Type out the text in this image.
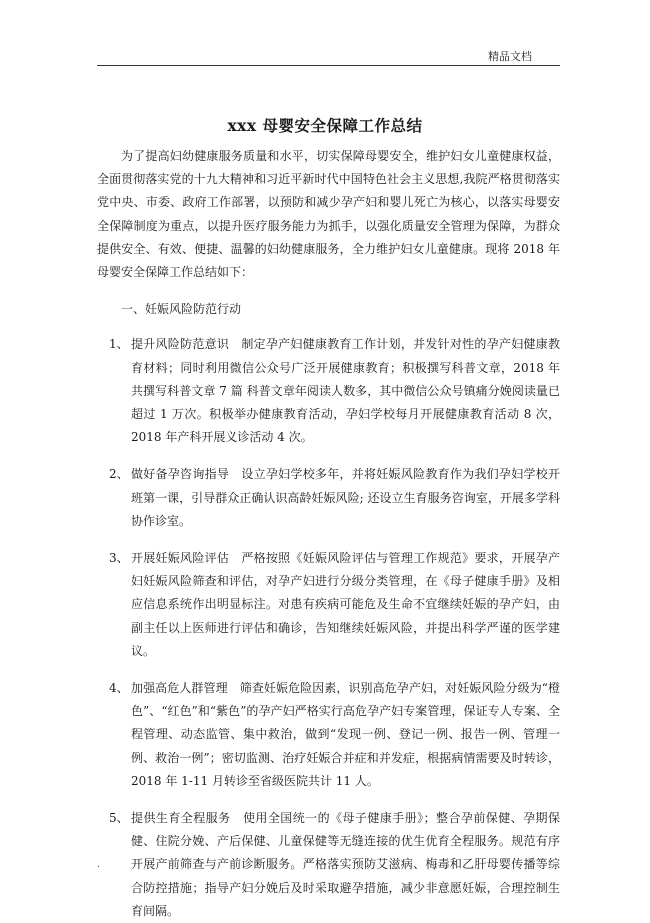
精品文档
xxx 母婴安全保障工作总结

为了提高妇幼健康服务质量和水平，切实保障母婴安全，维护妇女儿童健康权益，全面贯彻落实党的十九大精神和习近平新时代中国特色社会主义思想,我院严格贯彻落实党中央、市委、政府工作部署，以预防和减少孕产妇和婴儿死亡为核心，以落实母婴安全保障制度为重点，以提升医疗服务能力为抓手，以强化质量安全管理为保障，为群众提供安全、有效、便捷、温馨的妇幼健康服务，全力维护妇女儿童健康。现将 2018 年母婴安全保障工作总结如下：

一、妊娠风险防范行动

1、 提升风险防范意识　制定孕产妇健康教育工作计划，并发针对性的孕产妇健康教育材料；同时利用微信公众号广泛开展健康教育；积极撰写科普文章，2018 年共撰写科普文章 7 篇 科普文章年阅读人数多，其中微信公众号镇痛分娩阅读量已超过 1 万次。积极举办健康教育活动，孕妇学校每月开展健康教育活动 8 次，2018 年产科开展义诊活动 4 次。
2、 做好备孕咨询指导　设立孕妇学校多年，并将妊娠风险教育作为我们孕妇学校开班第一课，引导群众正确认识高龄妊娠风险; 还设立生育服务咨询室，开展多学科协作诊室。
3、 开展妊娠风险评估　严格按照《妊娠风险评估与管理工作规范》要求，开展孕产妇妊娠风险筛查和评估，对孕产妇进行分级分类管理，在《母子健康手册》及相应信息系统作出明显标注。对患有疾病可能危及生命不宜继续妊娠的孕产妇，由副主任以上医师进行评估和确诊，告知继续妊娠风险，并提出科学严谨的医学建议。
4、 加强高危人群管理　筛查妊娠危险因素，识别高危孕产妇，对妊娠风险分级为“橙色”、“红色”和“紫色”的孕产妇严格实行高危孕产妇专案管理，保证专人专案、全程管理、动态监管、集中救治，做到“发现一例、登记一例、报告一例、管理一例、救治一例”；密切监测、治疗妊娠合并症和并发症，根据病情需要及时转诊，2018 年 1-11 月转诊至省级医院共计 11 人。
5、 提供生育全程服务　使用全国统一的《母子健康手册》；整合孕前保健、孕期保健、住院分娩、产后保健、儿童保健等无缝连接的优生优育全程服务。规范有序开展产前筛查与产前诊断服务。严格落实预防艾滋病、梅毒和乙肝母婴传播等综合防控措施；指导产妇分娩后及时采取避孕措施，减少非意愿妊娠，合理控制生育间隔。
.
